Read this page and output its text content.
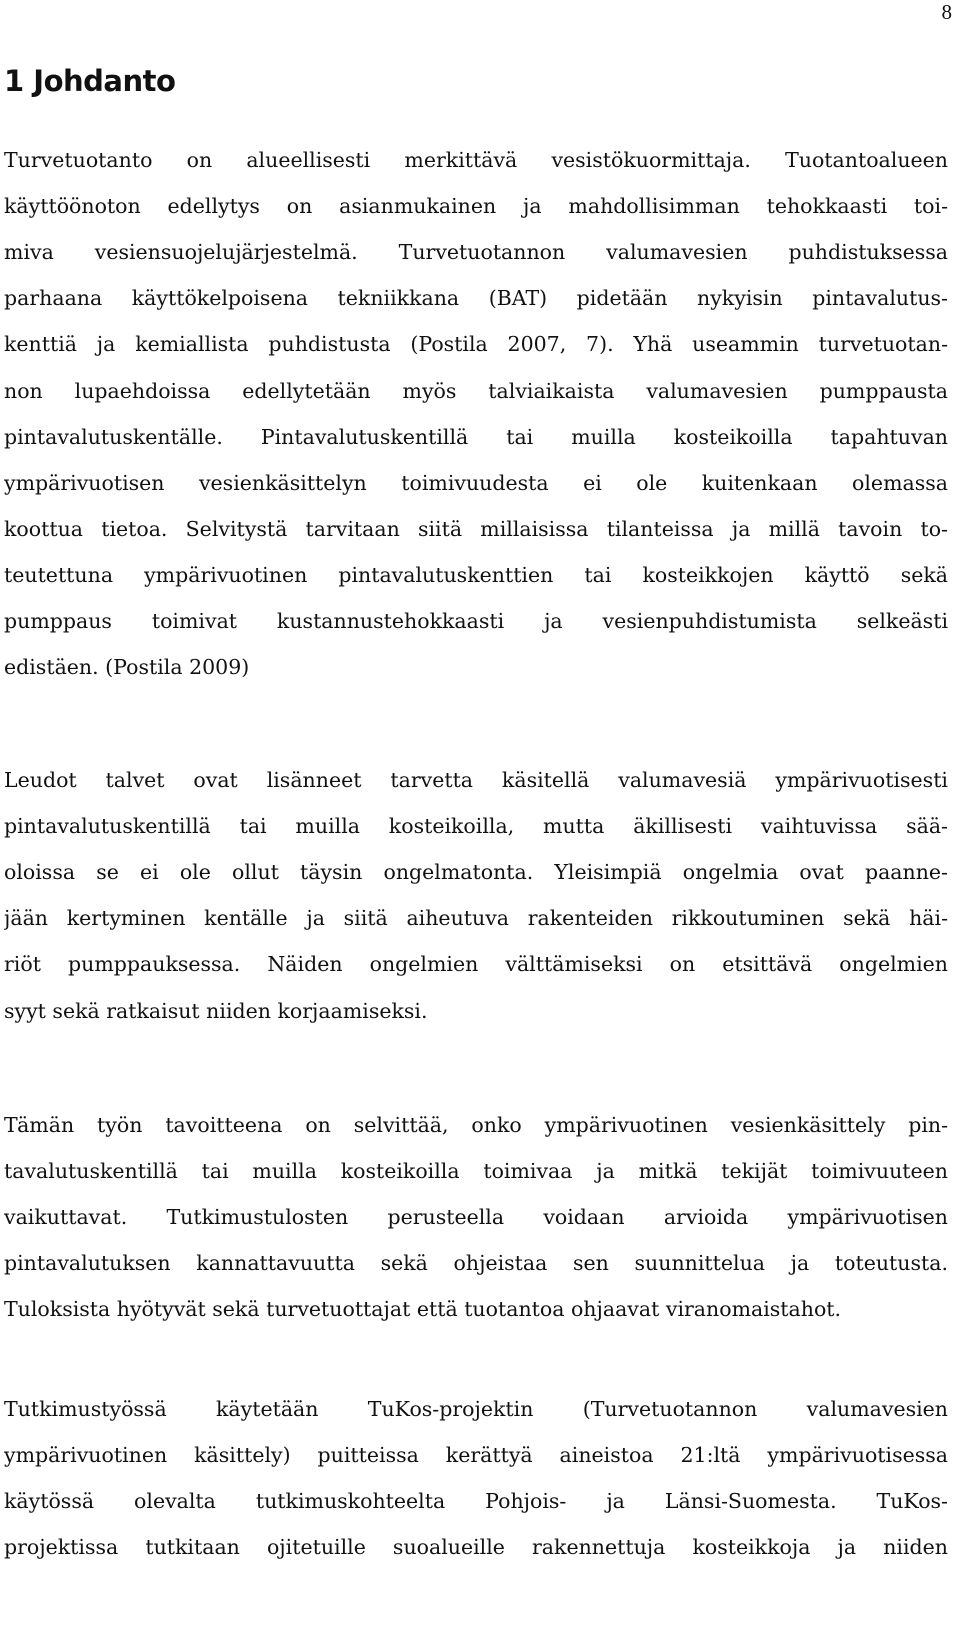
8
1 Johdanto
Turvetuotanto on alueellisesti merkittävä vesistökuormittaja. Tuotantoalueen
käyttöönoton edellytys on asianmukainen ja mahdollisimman tehokkaasti toi-
miva vesiensuojelujärjestelmä. Turvetuotannon valumavesien puhdistuksessa
parhaana käyttökelpoisena tekniikkana (BAT) pidetään nykyisin pintavalutus-
kenttiä ja kemiallista puhdistusta (Postila 2007, 7). Yhä useammin turvetuotan-
non lupaehdoissa edellytetään myös talviaikaista valumavesien pumppausta
pintavalutuskentälle. Pintavalutuskentillä tai muilla kosteikoilla tapahtuvan
ympärivuotisen vesienkäsittelyn toimivuudesta ei ole kuitenkaan olemassa
koottua tietoa. Selvitystä tarvitaan siitä millaisissa tilanteissa ja millä tavoin to-
teutettuna ympärivuotinen pintavalutuskenttien tai kosteikkojen käyttö sekä
pumppaus toimivat kustannustehokkaasti ja vesienpuhdistumista selkeästi
edistäen. (Postila 2009)
Leudot talvet ovat lisänneet tarvetta käsitellä valumavesiä ympärivuotisesti
pintavalutuskentillä tai muilla kosteikoilla, mutta äkillisesti vaihtuvissa sää-
oloissa se ei ole ollut täysin ongelmatonta. Yleisimpiä ongelmia ovat paanne-
jään kertyminen kentälle ja siitä aiheutuva rakenteiden rikkoutuminen sekä häi-
riöt pumppauksessa. Näiden ongelmien välttämiseksi on etsittävä ongelmien
syyt sekä ratkaisut niiden korjaamiseksi.
Tämän työn tavoitteena on selvittää, onko ympärivuotinen vesienkäsittely pin-
tavalutuskentillä tai muilla kosteikoilla toimivaa ja mitkä tekijät toimivuuteen
vaikuttavat. Tutkimustulosten perusteella voidaan arvioida ympärivuotisen
pintavalutuksen kannattavuutta sekä ohjeistaa sen suunnittelua ja toteutusta.
Tuloksista hyötyvät sekä turvetuottajat että tuotantoa ohjaavat viranomaistahot.
Tutkimustyössä käytetään TuKos-projektin (Turvetuotannon valumavesien
ympärivuotinen käsittely) puitteissa kerättyä aineistoa 21:ltä ympärivuotisessa
käytössä olevalta tutkimuskohteelta Pohjois- ja Länsi-Suomesta. TuKos-
projektissa tutkitaan ojitetuille suoalueille rakennettuja kosteikkoja ja niiden
